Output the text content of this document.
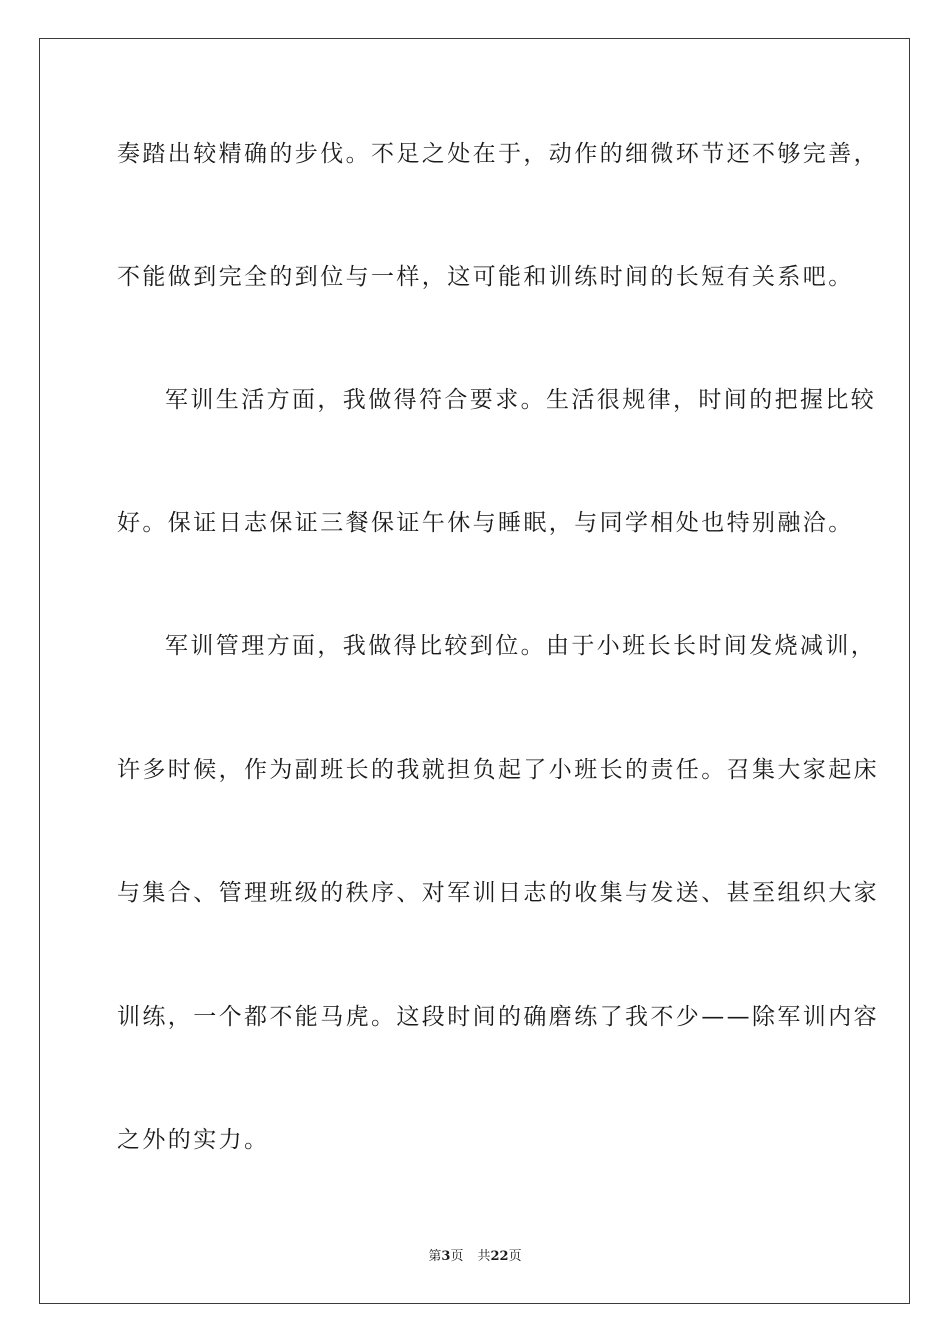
奏踏出较精确的步伐。不足之处在于，动作的细微环节还不够完善，
不能做到完全的到位与一样，这可能和训练时间的长短有关系吧。
军训生活方面，我做得符合要求。生活很规律，时间的把握比较
好。保证日志保证三餐保证午休与睡眠，与同学相处也特别融洽。
军训管理方面，我做得比较到位。由于小班长长时间发烧减训，
许多时候，作为副班长的我就担负起了小班长的责任。召集大家起床
与集合、管理班级的秩序、对军训日志的收集与发送、甚至组织大家
训练，一个都不能马虎。这段时间的确磨练了我不少——除军训内容
之外的实力。
第3页 共22页
